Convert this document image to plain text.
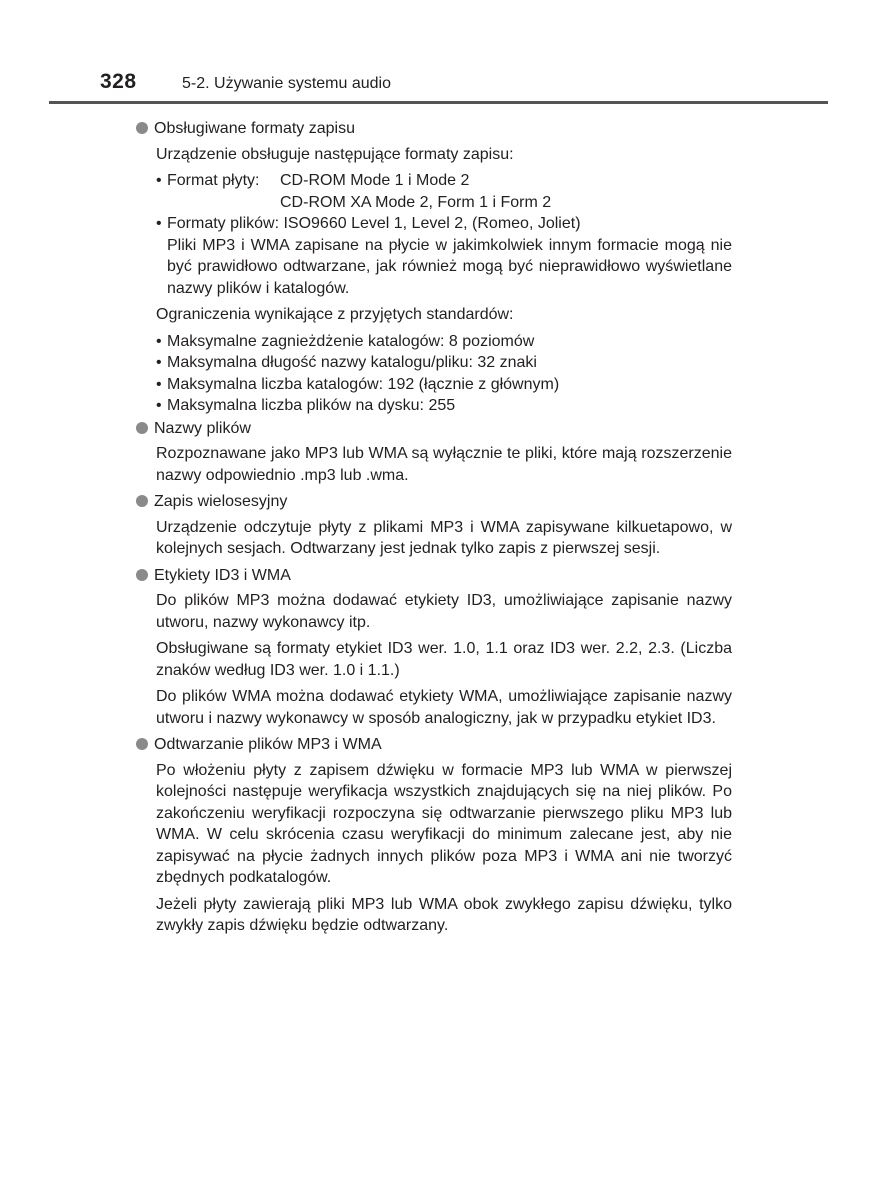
328	5-2. Używanie systemu audio
Obsługiwane formaty zapisu
Urządzenie obsługuje następujące formaty zapisu:
• Format płyty:	CD-ROM Mode 1 i Mode 2
CD-ROM XA Mode 2, Form 1 i Form 2
• Formaty plików: ISO9660 Level 1, Level 2, (Romeo, Joliet)
Pliki MP3 i WMA zapisane na płycie w jakimkolwiek innym formacie mogą nie być prawidłowo odtwarzane, jak również mogą być nieprawidłowo wyświetlane nazwy plików i katalogów.
Ograniczenia wynikające z przyjętych standardów:
• Maksymalne zagnieżdżenie katalogów: 8 poziomów
• Maksymalna długość nazwy katalogu/pliku: 32 znaki
• Maksymalna liczba katalogów: 192 (łącznie z głównym)
• Maksymalna liczba plików na dysku: 255
Nazwy plików
Rozpoznawane jako MP3 lub WMA są wyłącznie te pliki, które mają rozszerzenie nazwy odpowiednio .mp3 lub .wma.
Zapis wielosesyjny
Urządzenie odczytuje płyty z plikami MP3 i WMA zapisywane kilkuetapowo, w kolejnych sesjach. Odtwarzany jest jednak tylko zapis z pierwszej sesji.
Etykiety ID3 i WMA
Do plików MP3 można dodawać etykiety ID3, umożliwiające zapisanie nazwy utworu, nazwy wykonawcy itp.
Obsługiwane są formaty etykiet ID3 wer. 1.0, 1.1 oraz ID3 wer. 2.2, 2.3. (Liczba znaków według ID3 wer. 1.0 i 1.1.)
Do plików WMA można dodawać etykiety WMA, umożliwiające zapisanie nazwy utworu i nazwy wykonawcy w sposób analogiczny, jak w przypadku etykiet ID3.
Odtwarzanie plików MP3 i WMA
Po włożeniu płyty z zapisem dźwięku w formacie MP3 lub WMA w pierwszej kolejności następuje weryfikacja wszystkich znajdujących się na niej plików. Po zakończeniu weryfikacji rozpoczyna się odtwarzanie pierwszego pliku MP3 lub WMA. W celu skrócenia czasu weryfikacji do minimum zalecane jest, aby nie zapisywać na płycie żadnych innych plików poza MP3 i WMA ani nie tworzyć zbędnych podkatalogów.
Jeżeli płyty zawierają pliki MP3 lub WMA obok zwykłego zapisu dźwięku, tylko zwykły zapis dźwięku będzie odtwarzany.
